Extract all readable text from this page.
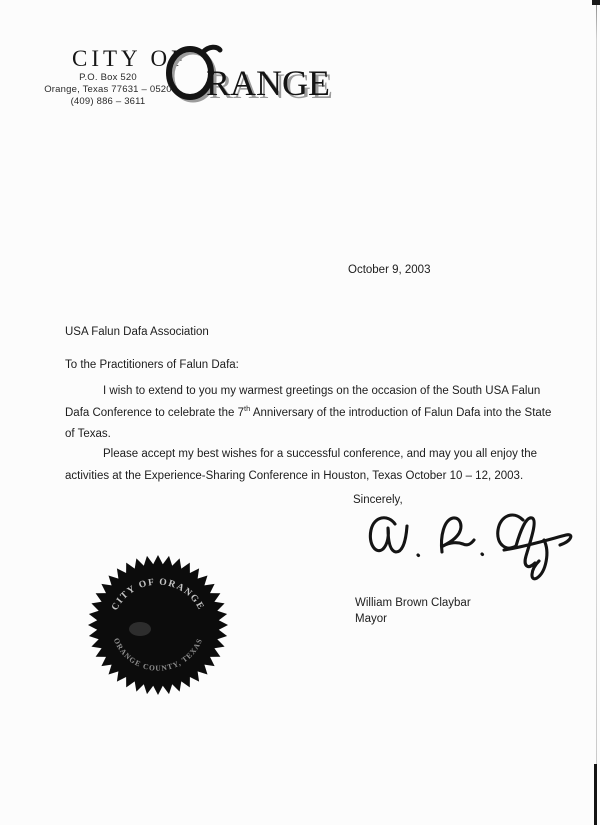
CITY OF
RANGE
P.O. Box 520
Orange, Texas 77631 – 0520
(409) 886 – 3611
October 9, 2003
USA Falun Dafa Association
To the Practitioners of Falun Dafa:
I wish to extend to you my warmest greetings on the occasion of the South USA Falun
Dafa Conference to celebrate the 7th Anniversary of the introduction of Falun Dafa into the State
of Texas.
Please accept my best wishes for a successful conference, and may you all enjoy the
activities at the Experience-Sharing Conference in Houston, Texas October 10 – 12, 2003.
Sincerely,
William Brown Claybar
Mayor
CITY OF ORANGE
ORANGE COUNTY, TEXAS
